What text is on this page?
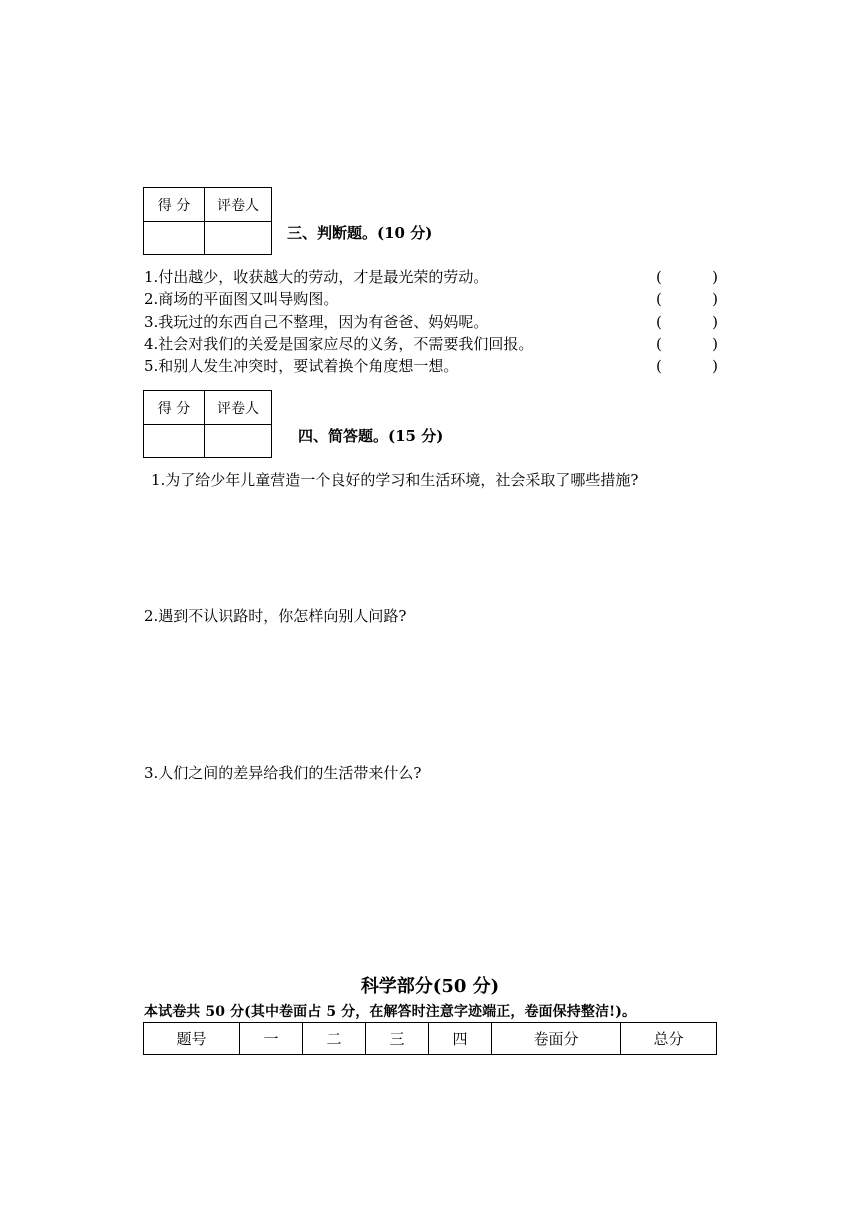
得 分	评卷人

三、判断题。(10 分)
1.付出越少，收获越大的劳动，才是最光荣的劳动。	(	)
2.商场的平面图又叫导购图。	(	)
3.我玩过的东西自己不整理，因为有爸爸、妈妈呢。	(	)
4.社会对我们的关爱是国家应尽的义务，不需要我们回报。	(	)
5.和别人发生冲突时，要试着换个角度想一想。	(	)
得 分	评卷人

四、简答题。(15 分)
1.为了给少年儿童营造一个良好的学习和生活环境，社会采取了哪些措施?
2.遇到不认识路时，你怎样向别人问路?
3.人们之间的差异给我们的生活带来什么?
科学部分(50 分)
本试卷共 50 分(其中卷面占 5 分，在解答时注意字迹端正，卷面保持整洁!)。
题号	一	二	三	四	卷面分	总分
